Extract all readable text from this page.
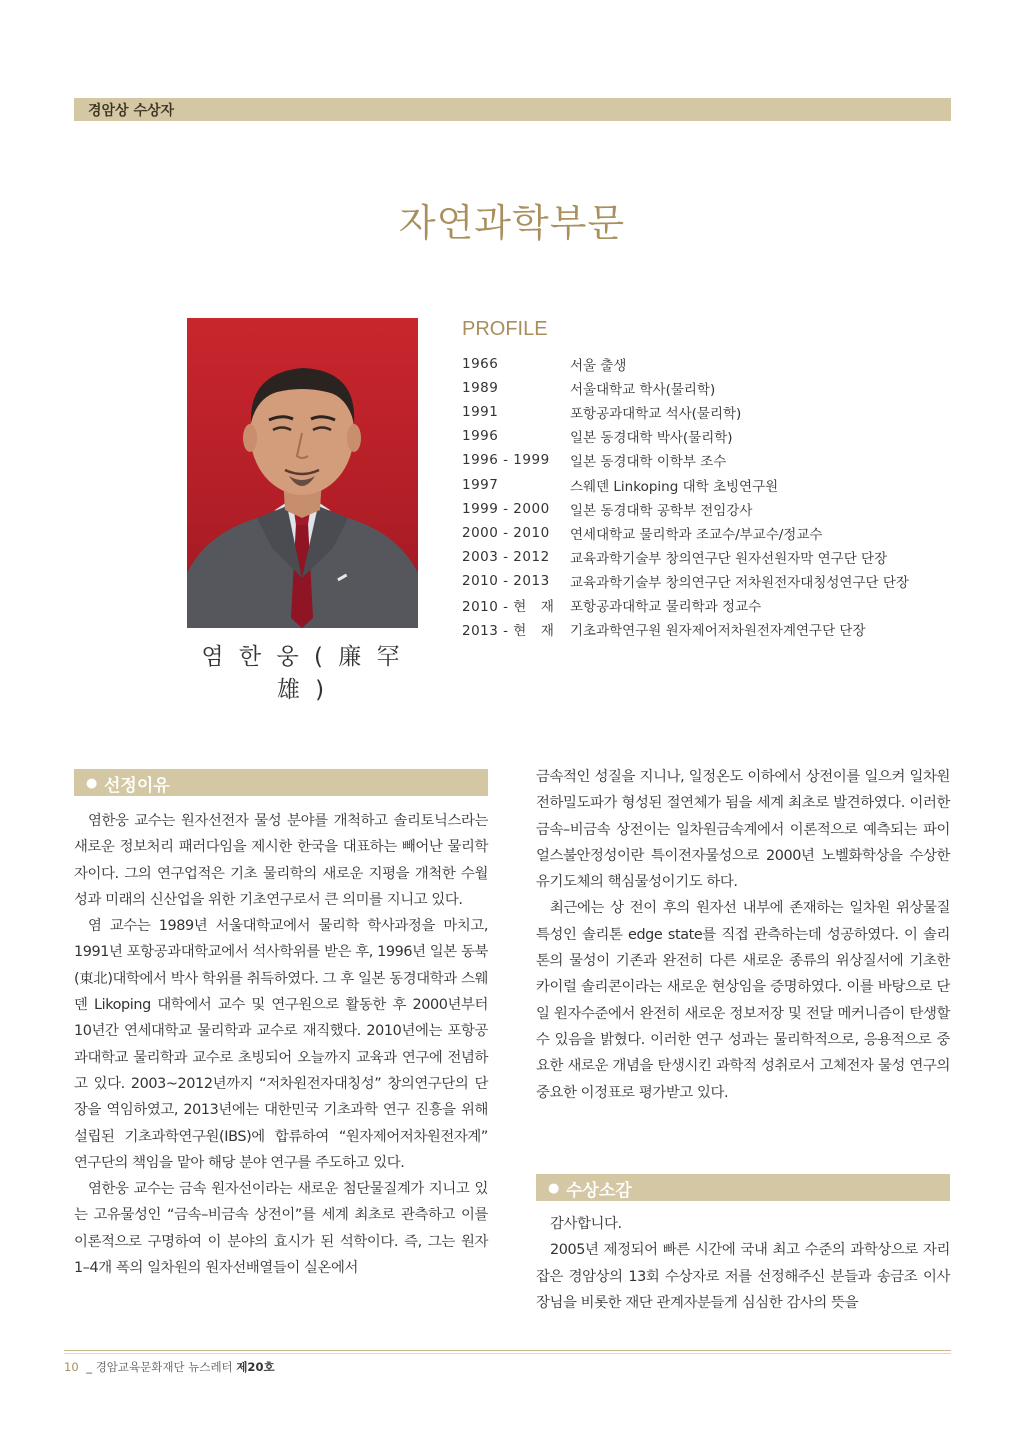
경암상 수상자
자연과학부문
염 한 웅 ( 廉 罕 雄 )
PROFILE
1966	서울 출생
1989	서울대학교 학사(물리학)
1991	포항공과대학교 석사(물리학)
1996	일본 동경대학 박사(물리학)
1996 - 1999	일본 동경대학 이학부 조수
1997	스웨덴 Linkoping 대학 초빙연구원
1999 - 2000	일본 동경대학 공학부 전임강사
2000 - 2010	연세대학교 물리학과 조교수/부교수/정교수
2003 - 2012	교육과학기술부 창의연구단 원자선원자막 연구단 단장
2010 - 2013	교육과학기술부 창의연구단 저차원전자대칭성연구단 단장
2010 - 현　재	포항공과대학교 물리학과 정교수
2013 - 현　재	기초과학연구원 원자제어저차원전자계연구단 단장
● 선정이유

염한웅 교수는 원자선전자 물성 분야를 개척하고 솔리토닉스라는 새로운 정보처리 패러다임을 제시한 한국을 대표하는 빼어난 물리학자이다. 그의 연구업적은 기초 물리학의 새로운 지평을 개척한 수월성과 미래의 신산업을 위한 기초연구로서 큰 의미를 지니고 있다.

염 교수는 1989년 서울대학교에서 물리학 학사과정을 마치고, 1991년 포항공과대학교에서 석사학위를 받은 후, 1996년 일본 동북(東北)대학에서 박사 학위를 취득하였다. 그 후 일본 동경대학과 스웨덴 Likoping 대학에서 교수 및 연구원으로 활동한 후 2000년부터 10년간 연세대학교 물리학과 교수로 재직했다. 2010년에는 포항공과대학교 물리학과 교수로 초빙되어 오늘까지 교육과 연구에 전념하고 있다. 2003~2012년까지 “저차원전자대칭성” 창의연구단의 단장을 역임하였고, 2013년에는 대한민국 기초과학 연구 진흥을 위해 설립된 기초과학연구원(IBS)에 합류하여 “원자제어저차원전자계” 연구단의 책임을 맡아 해당 분야 연구를 주도하고 있다.

염한웅 교수는 금속 원자선이라는 새로운 첨단물질계가 지니고 있는 고유물성인 “금속–비금속 상전이”를 세계 최초로 관측하고 이를 이론적으로 구명하여 이 분야의 효시가 된 석학이다. 즉, 그는 원자 1–4개 폭의 일차원의 원자선배열들이 실온에서

금속적인 성질을 지니나, 일정온도 이하에서 상전이를 일으켜 일차원 전하밀도파가 형성된 절연체가 됨을 세계 최초로 발견하였다. 이러한 금속–비금속 상전이는 일차원금속계에서 이론적으로 예측되는 파이얼스불안정성이란 특이전자물성으로 2000년 노벨화학상을 수상한 유기도체의 핵심물성이기도 하다.

최근에는 상 전이 후의 원자선 내부에 존재하는 일차원 위상물질 특성인 솔리톤 edge state를 직접 관측하는데 성공하였다. 이 솔리톤의 물성이 기존과 완전히 다른 새로운 종류의 위상질서에 기초한 카이럴 솔리콘이라는 새로운 현상임을 증명하였다. 이를 바탕으로 단일 원자수준에서 완전히 새로운 정보저장 및 전달 메커니즘이 탄생할 수 있음을 밝혔다. 이러한 연구 성과는 물리학적으로, 응용적으로 중요한 새로운 개념을 탄생시킨 과학적 성취로서 고체전자 물성 연구의 중요한 이정표로 평가받고 있다.

● 수상소감

감사합니다.

2005년 제정되어 빠른 시간에 국내 최고 수준의 과학상으로 자리잡은 경암상의 13회 수상자로 저를 선정해주신 분들과 송금조 이사장님을 비롯한 재단 관계자분들게 심심한 감사의 뜻을

10 _ 경암교육문화재단 뉴스레터 제20호
